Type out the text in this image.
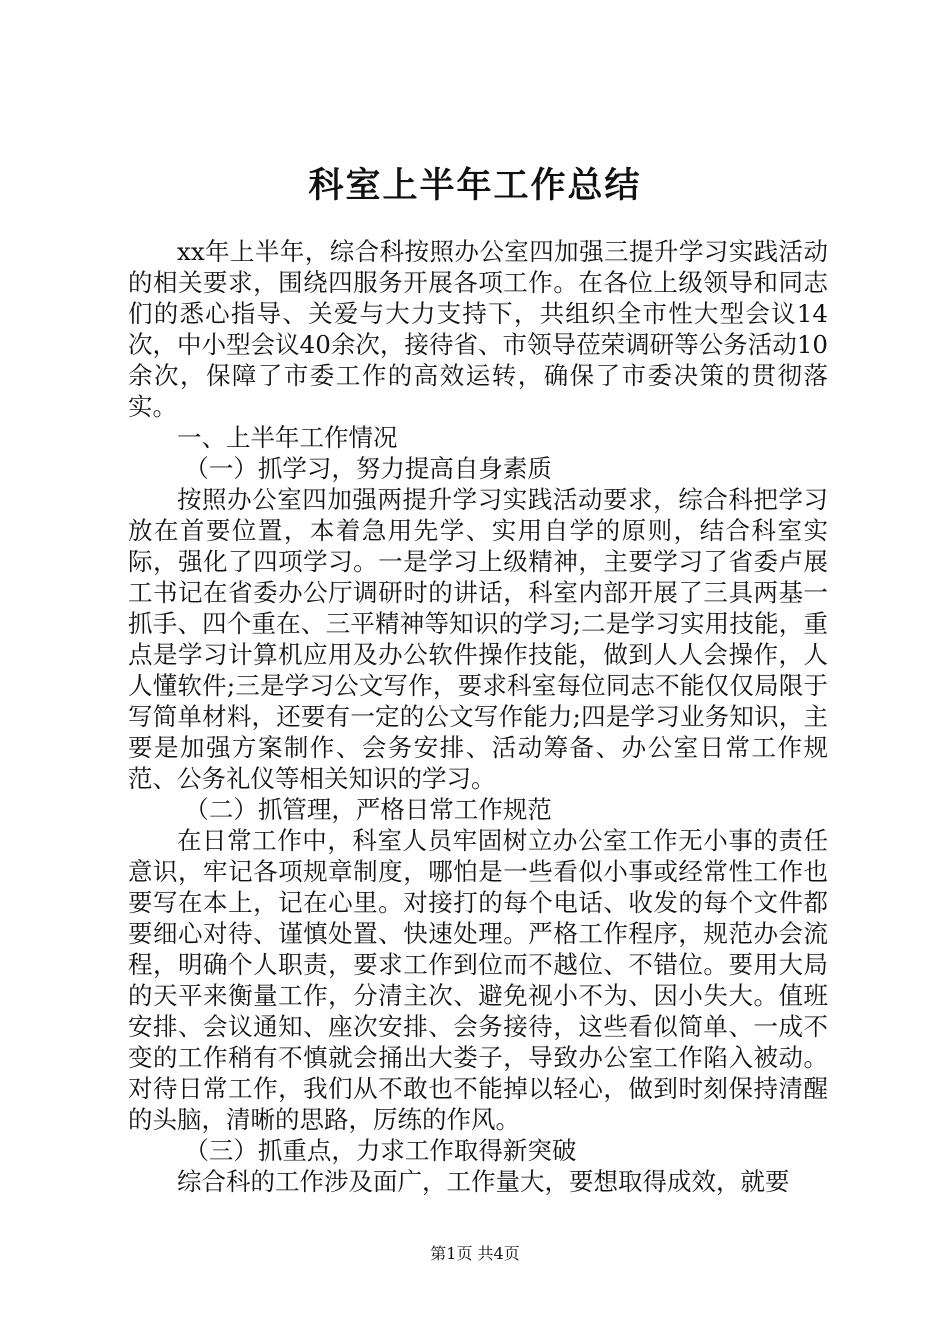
科室上半年工作总结

xx年上半年，综合科按照办公室四加强三提升学习实践活动的相关要求，围绕四服务开展各项工作。在各位上级领导和同志们的悉心指导、关爱与大力支持下，共组织全市性大型会议14次，中小型会议40余次，接待省、市领导莅荣调研等公务活动10余次，保障了市委工作的高效运转，确保了市委决策的贯彻落实。

一、上半年工作情况

（一）抓学习，努力提高自身素质

按照办公室四加强两提升学习实践活动要求，综合科把学习放在首要位置，本着急用先学、实用自学的原则，结合科室实际，强化了四项学习。一是学习上级精神，主要学习了省委卢展工书记在省委办公厅调研时的讲话，科室内部开展了三具两基一抓手、四个重在、三平精神等知识的学习;二是学习实用技能，重点是学习计算机应用及办公软件操作技能，做到人人会操作，人人懂软件;三是学习公文写作，要求科室每位同志不能仅仅局限于写简单材料，还要有一定的公文写作能力;四是学习业务知识，主要是加强方案制作、会务安排、活动筹备、办公室日常工作规范、公务礼仪等相关知识的学习。

（二）抓管理，严格日常工作规范

在日常工作中，科室人员牢固树立办公室工作无小事的责任意识，牢记各项规章制度，哪怕是一些看似小事或经常性工作也要写在本上，记在心里。对接打的每个电话、收发的每个文件都要细心对待、谨慎处置、快速处理。严格工作程序，规范办会流程，明确个人职责，要求工作到位而不越位、不错位。要用大局的天平来衡量工作，分清主次、避免视小不为、因小失大。值班安排、会议通知、座次安排、会务接待，这些看似简单、一成不变的工作稍有不慎就会捅出大娄子，导致办公室工作陷入被动。对待日常工作，我们从不敢也不能掉以轻心，做到时刻保持清醒的头脑，清晰的思路，厉练的作风。

（三）抓重点，力求工作取得新突破

综合科的工作涉及面广，工作量大，要想取得成效，就要

第1页 共4页
